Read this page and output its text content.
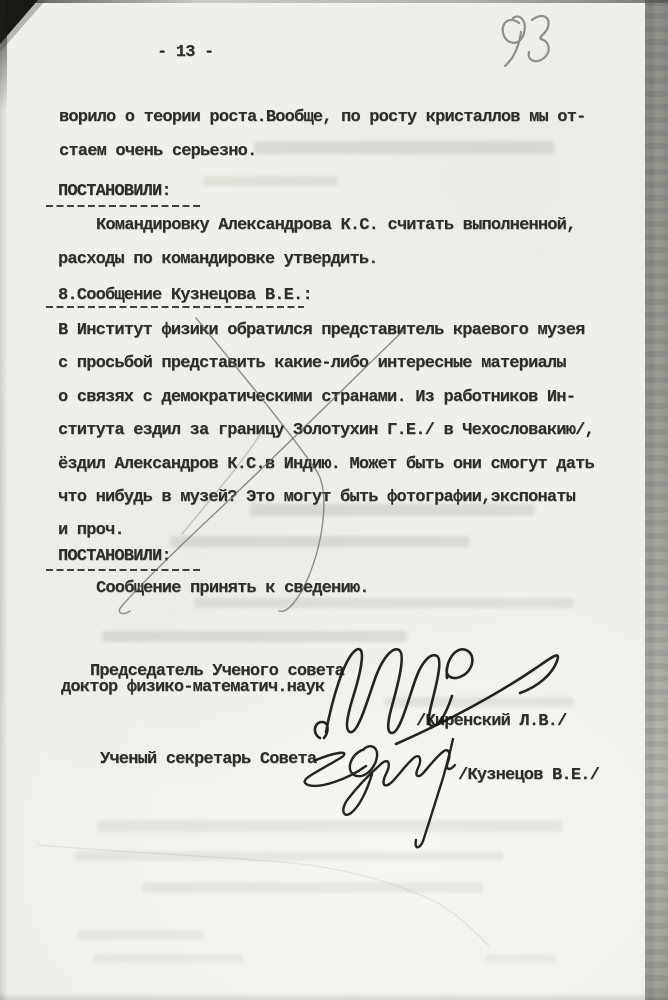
- 13 -
ворило о теории роста.Вообще, по росту кристаллов мы от-
стаем очень серьезно.
ПОСТАНОВИЛИ:
Командировку Александрова К.С. считать выполненной,
расходы по командировке утвердить.
8.Сообщение Кузнецова В.Е.:
В Институт физики обратился представитель краевого музея
с просьбой представить какие-либо интересные материалы
о связях с демократическими странами. Из работников Ин-
ститута ездил за границу Золотухин Г.Е./ в Чехословакию/,
ёздил Александров К.С.в Индию. Может быть они смогут дать
что нибудь в музей? Это могут быть фотографии,экспонаты
и проч.
ПОСТАНОВИЛИ:
Сообщение принять к сведению.
Председатель Ученого совета
доктор физико-математич.наук
/Киренский Л.В./
Ученый секретарь Совета
/Кузнецов В.Е./
